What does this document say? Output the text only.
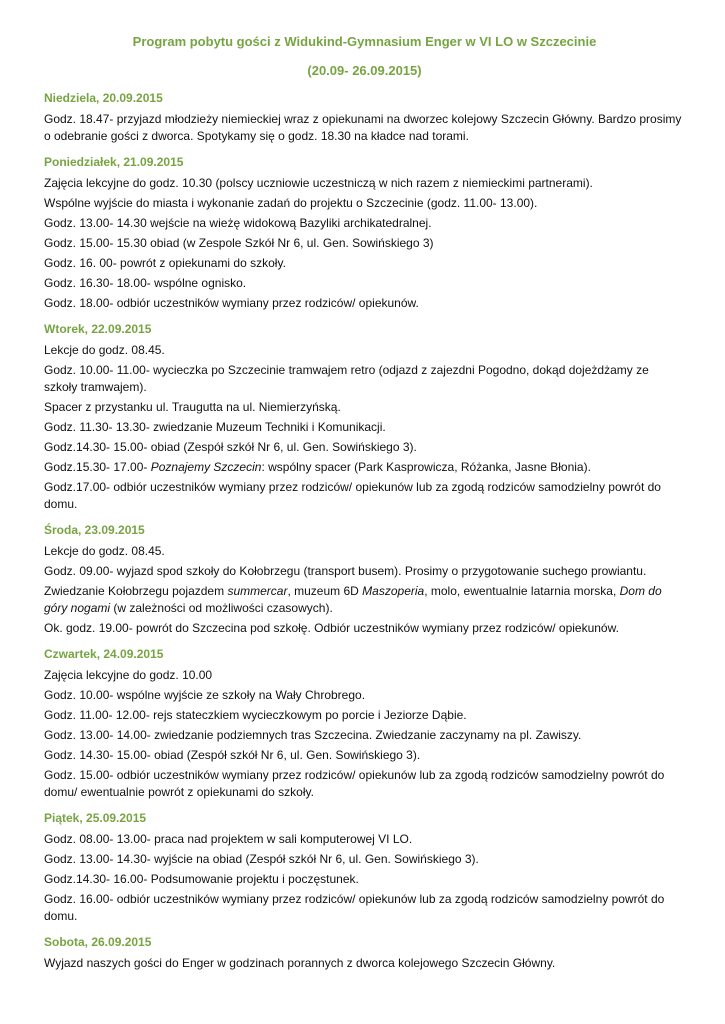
Program pobytu gości z Widukind-Gymnasium Enger w VI LO w Szczecinie

(20.09- 26.09.2015)

Niedziela, 20.09.2015

Godz. 18.47- przyjazd młodzieży niemieckiej wraz z opiekunami na dworzec kolejowy Szczecin Główny. Bardzo prosimy o odebranie gości z dworca. Spotykamy się o godz. 18.30 na kładce nad torami.

Poniedziałek, 21.09.2015

Zajęcia lekcyjne do godz. 10.30 (polscy uczniowie uczestniczą w nich razem z niemieckimi partnerami).

Wspólne wyjście do miasta i wykonanie zadań do projektu o Szczecinie (godz. 11.00- 13.00).

Godz. 13.00- 14.30 wejście na wieżę widokową Bazyliki archikatedralnej.

Godz. 15.00- 15.30 obiad (w Zespole Szkół Nr 6, ul. Gen. Sowińskiego 3)

Godz. 16. 00- powrót z opiekunami do szkoły.

Godz. 16.30- 18.00- wspólne ognisko.

Godz. 18.00- odbiór uczestników wymiany przez rodziców/ opiekunów.

Wtorek, 22.09.2015

Lekcje do godz. 08.45.

Godz. 10.00- 11.00- wycieczka po Szczecinie tramwajem retro (odjazd z zajezdni Pogodno, dokąd dojeżdżamy ze szkoły tramwajem).

Spacer z przystanku ul. Traugutta na ul. Niemierzyńską.

Godz. 11.30- 13.30- zwiedzanie Muzeum Techniki i Komunikacji.

Godz.14.30- 15.00- obiad (Zespół szkół Nr 6, ul. Gen. Sowińskiego 3).

Godz.15.30- 17.00- Poznajemy Szczecin: wspólny spacer (Park Kasprowicza, Różanka, Jasne Błonia).

Godz.17.00- odbiór uczestników wymiany przez rodziców/ opiekunów lub za zgodą rodziców samodzielny powrót do domu.

Środa, 23.09.2015

Lekcje do godz. 08.45.

Godz. 09.00- wyjazd spod szkoły do Kołobrzegu (transport busem). Prosimy o przygotowanie suchego prowiantu.

Zwiedzanie Kołobrzegu pojazdem summercar, muzeum 6D Maszoperia, molo, ewentualnie latarnia morska, Dom do góry nogami (w zależności od możliwości czasowych).

Ok. godz. 19.00- powrót do Szczecina pod szkołę. Odbiór uczestników wymiany przez rodziców/ opiekunów.

Czwartek, 24.09.2015

Zajęcia lekcyjne do godz. 10.00

Godz. 10.00- wspólne wyjście ze szkoły na Wały Chrobrego.

Godz. 11.00- 12.00- rejs stateczkiem wycieczkowym po porcie i Jeziorze Dąbie.

Godz. 13.00- 14.00- zwiedzanie podziemnych tras Szczecina. Zwiedzanie zaczynamy na pl. Zawiszy.

Godz. 14.30- 15.00- obiad (Zespół szkół Nr 6, ul. Gen. Sowińskiego 3).

Godz. 15.00- odbiór uczestników wymiany przez rodziców/ opiekunów lub za zgodą rodziców samodzielny powrót do domu/ ewentualnie powrót z opiekunami do szkoły.

Piątek, 25.09.2015

Godz. 08.00- 13.00- praca nad projektem w sali komputerowej VI LO.

Godz. 13.00- 14.30- wyjście na obiad (Zespół szkół Nr 6, ul. Gen. Sowińskiego 3).

Godz.14.30- 16.00- Podsumowanie projektu i poczęstunek.

Godz. 16.00- odbiór uczestników wymiany przez rodziców/ opiekunów lub za zgodą rodziców samodzielny powrót do domu.

Sobota, 26.09.2015

Wyjazd naszych gości do Enger w godzinach porannych z dworca kolejowego Szczecin Główny.
